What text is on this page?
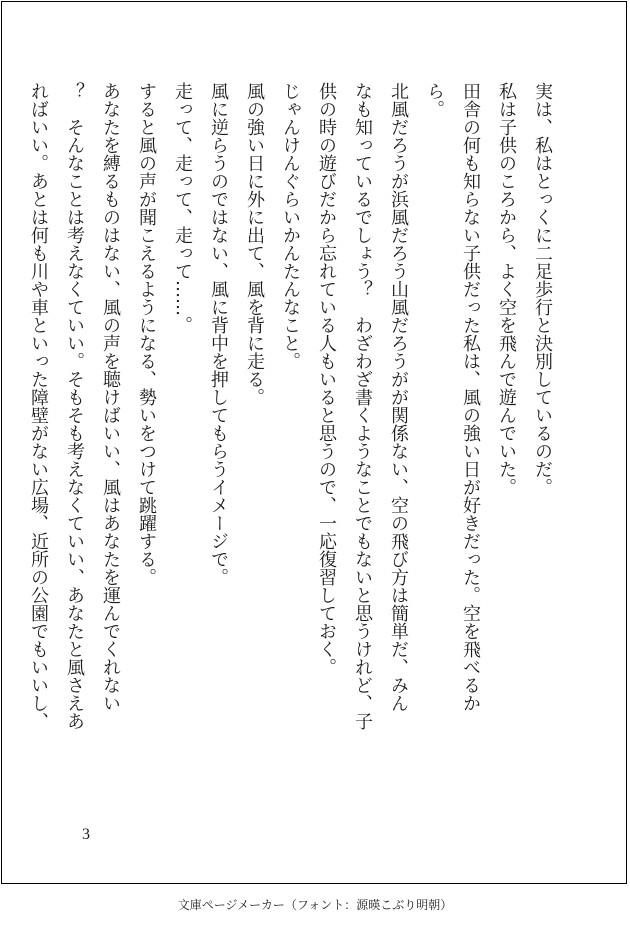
実は、私はとっくに二足歩行と決別しているのだ。

私は子供のころから、よく空を飛んで遊んでいた。

田舎の何も知らない子供だった私は、風の強い日が好きだった。空を飛べるか

ら。

北風だろうが浜風だろう山風だろうがが関係ない、空の飛び方は簡単だ、みん

なも知っているでしょう？　わざわざ書くようなことでもないと思うけれど、子

供の時の遊びだから忘れている人もいると思うので、一応復習しておく。

じゃんけんぐらいかんたんなこと。

風の強い日に外に出て、風を背に走る。

風に逆らうのではない、風に背中を押してもらうイメージで。

走って、走って、走って……。

すると風の声が聞こえるようになる、勢いをつけて跳躍する。

あなたを縛るものはない、風の声を聴けばいい、風はあなたを運んでくれない

？　そんなことは考えなくていい。そもそも考えなくていい、あなたと風さえあ

ればいい。あとは何も川や車といった障壁がない広場、近所の公園でもいいし、

3
文庫ページメーカー（フォント：源暎こぶり明朝）
